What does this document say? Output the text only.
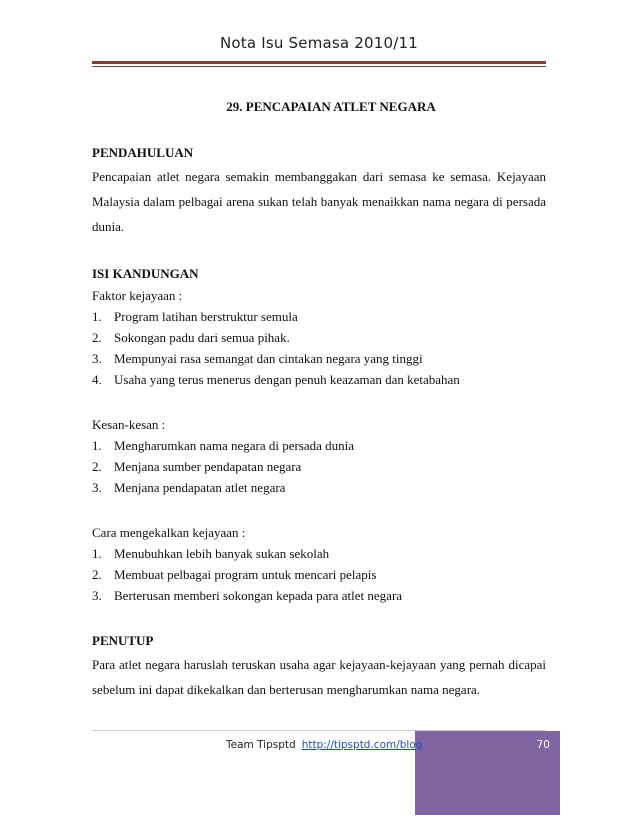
Nota Isu Semasa 2010/11
29. PENCAPAIAN ATLET NEGARA

PENDAHULUAN

Pencapaian atlet negara semakin membanggakan dari semasa ke semasa. Kejayaan

Malaysia dalam pelbagai arena sukan telah banyak menaikkan nama negara di persada

dunia.

ISI KANDUNGAN

Faktor kejayaan :

1. Program latihan berstruktur semula
2. Sokongan padu dari semua pihak.
3. Mempunyai rasa semangat dan cintakan negara yang tinggi
4. Usaha yang terus menerus dengan penuh keazaman dan ketabahan

Kesan-kesan :

1. Mengharumkan nama negara di persada dunia
2. Menjana sumber pendapatan negara
3. Menjana pendapatan atlet negara

Cara mengekalkan kejayaan :

1. Menubuhkan lebih banyak sukan sekolah
2. Membuat pelbagai program untuk mencari pelapis
3. Berterusan memberi sokongan kepada para atlet negara

PENUTUP

Para atlet negara haruslah teruskan usaha agar kejayaan-kejayaan yang pernah dicapai

sebelum ini dapat dikekalkan dan berterusan mengharumkan nama negara.

70
Team Tipsptd http://tipsptd.com/blog
